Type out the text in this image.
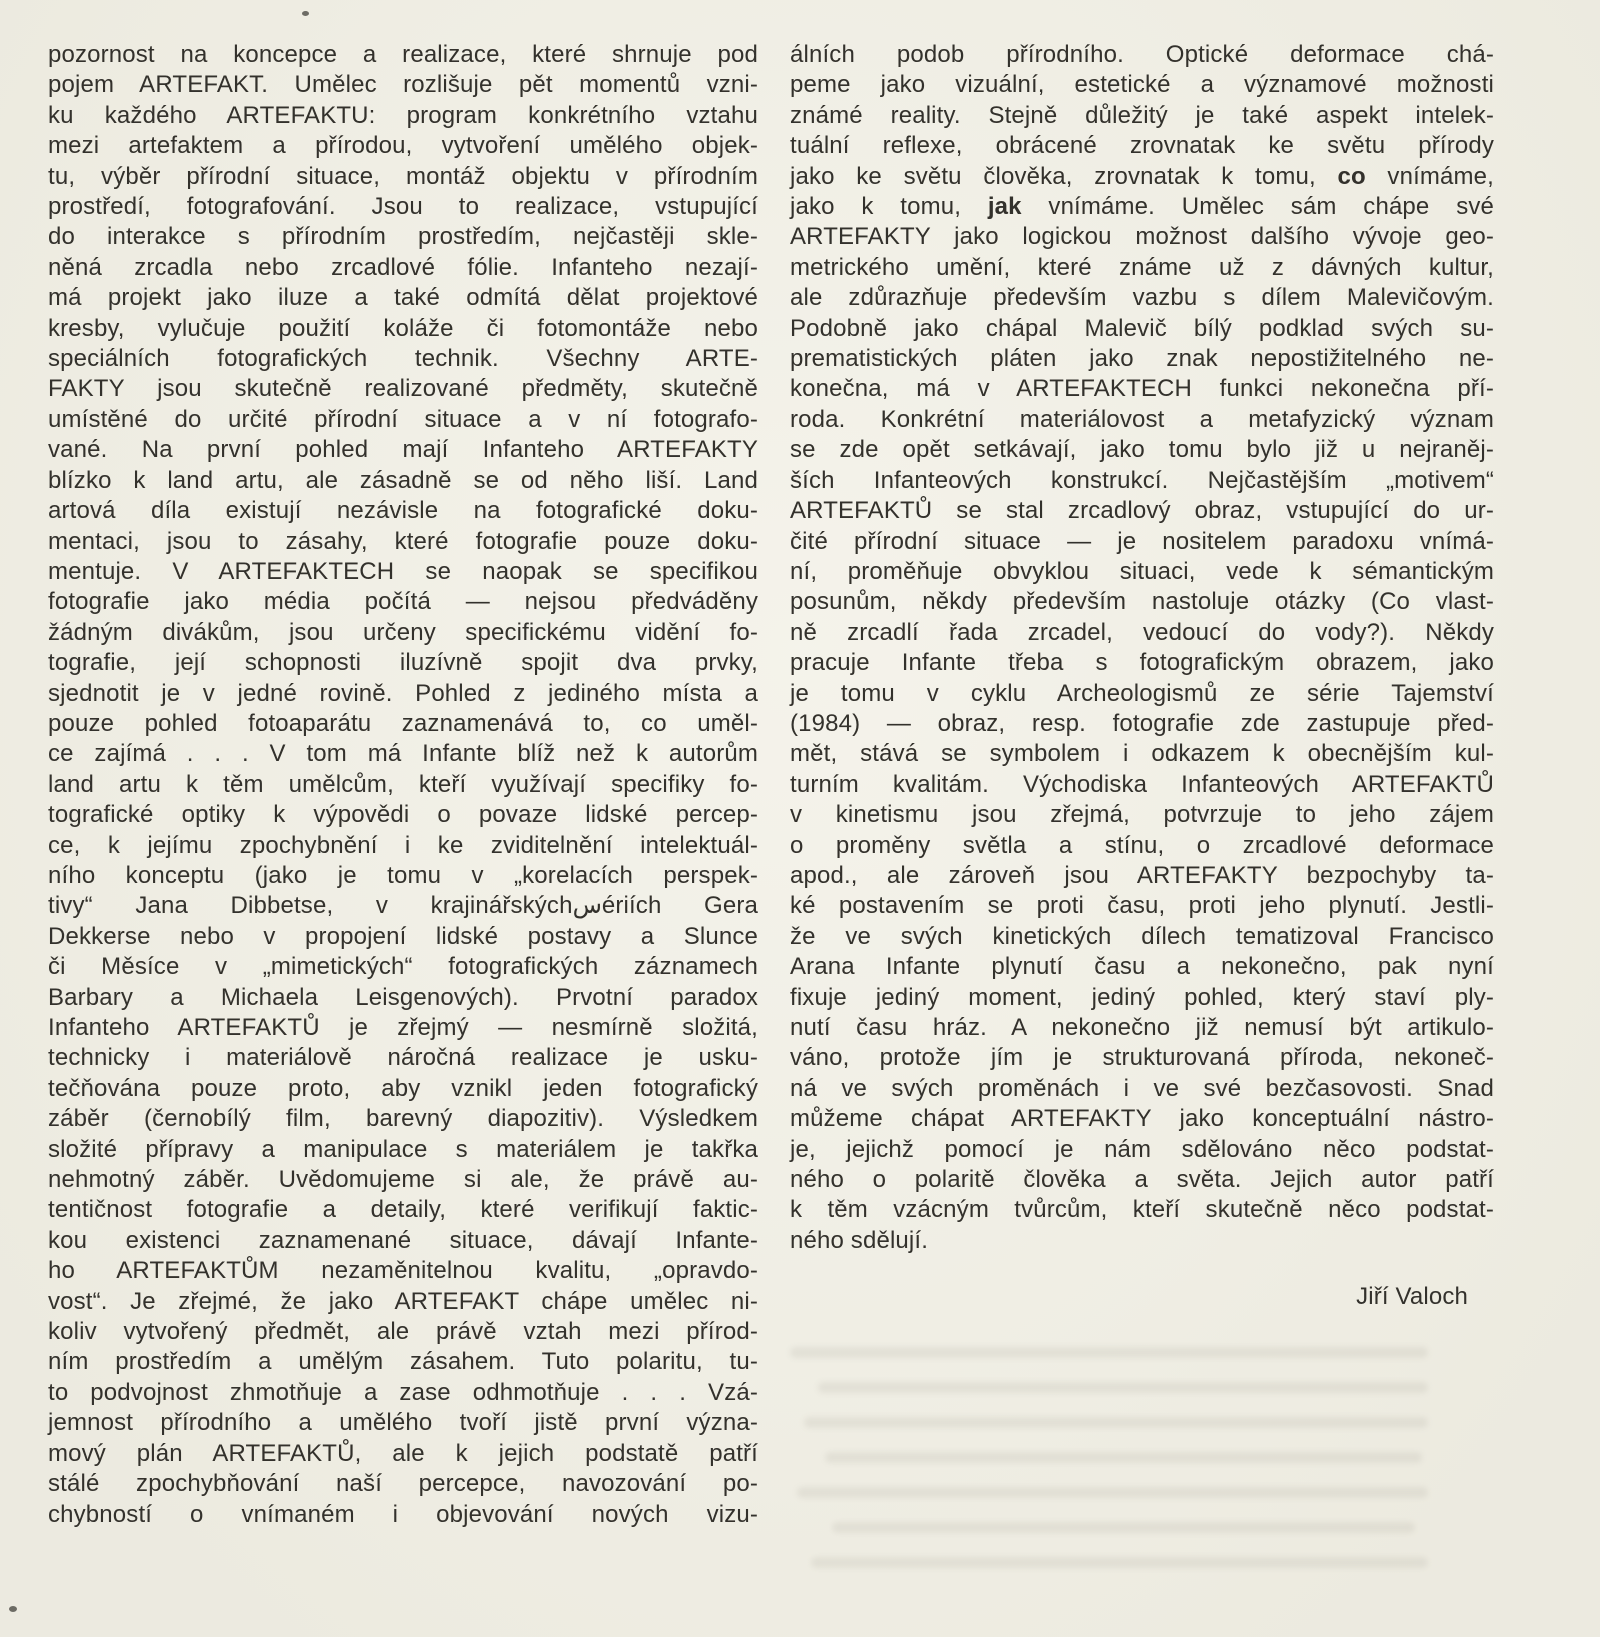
pozornost na koncepce a realizace, které shrnuje pod
pojem ARTEFAKT. Umělec rozlišuje pět momentů vzni-
ku každého ARTEFAKTU: program konkrétního vztahu
mezi artefaktem a přírodou, vytvoření umělého objek-
tu, výběr přírodní situace, montáž objektu v přírodním
prostředí, fotografování. Jsou to realizace, vstupující
do interakce s přírodním prostředím, nejčastěji skle-
něná zrcadla nebo zrcadlové fólie. Infanteho nezají-
má projekt jako iluze a také odmítá dělat projektové
kresby, vylučuje použití koláže či fotomontáže nebo
speciálních fotografických technik. Všechny ARTE-
FAKTY jsou skutečně realizované předměty, skutečně
umístěné do určité přírodní situace a v ní fotografo-
vané. Na první pohled mají Infanteho ARTEFAKTY
blízko k land artu, ale zásadně se od něho liší. Land
artová díla existují nezávisle na fotografické doku-
mentaci, jsou to zásahy, které fotografie pouze doku-
mentuje. V ARTEFAKTECH se naopak se specifikou
fotografie jako média počítá — nejsou předváděny
žádným divákům, jsou určeny specifickému vidění fo-
tografie, její schopnosti iluzívně spojit dva prvky,
sjednotit je v jedné rovině. Pohled z jediného místa a
pouze pohled fotoaparátu zaznamenává to, co uměl-
ce zajímá . . . V tom má Infante blíž než k autorům
land artu k těm umělcům, kteří využívají specifiky fo-
tografické optiky k výpovědi o povaze lidské percep-
ce, k jejímu zpochybnění i ke zviditelnění intelektuál-
ního konceptu (jako je tomu v „korelacích perspek-
tivy“ Jana Dibbetse, v krajinářskýchسériích Gera
Dekkerse nebo v propojení lidské postavy a Slunce
či Měsíce v „mimetických“ fotografických záznamech
Barbary a Michaela Leisgenových). Prvotní paradox
Infanteho ARTEFAKTŮ je zřejmý — nesmírně složitá,
technicky i materiálově náročná realizace je usku-
tečňována pouze proto, aby vznikl jeden fotografický
záběr (černobílý film, barevný diapozitiv). Výsledkem
složité přípravy a manipulace s materiálem je takřka
nehmotný záběr. Uvědomujeme si ale, že právě au-
tentičnost fotografie a detaily, které verifikují faktic-
kou existenci zaznamenané situace, dávají Infante-
ho ARTEFAKTŮM nezaměnitelnou kvalitu, „opravdo-
vost“. Je zřejmé, že jako ARTEFAKT chápe umělec ni-
koliv vytvořený předmět, ale právě vztah mezi přírod-
ním prostředím a umělým zásahem. Tuto polaritu, tu-
to podvojnost zhmotňuje a zase odhmotňuje . . . Vzá-
jemnost přírodního a umělého tvoří jistě první význa-
mový plán ARTEFAKTŮ, ale k jejich podstatě patří
stálé zpochybňování naší percepce, navozování po-
chybností o vnímaném i objevování nových vizu-
álních podob přírodního. Optické deformace chá-
peme jako vizuální, estetické a významové možnosti
známé reality. Stejně důležitý je také aspekt intelek-
tuální reflexe, obrácené zrovnatak ke světu přírody
jako ke světu člověka, zrovnatak k tomu, co vnímáme,
jako k tomu, jak vnímáme. Umělec sám chápe své
ARTEFAKTY jako logickou možnost dalšího vývoje geo-
metrického umění, které známe už z dávných kultur,
ale zdůrazňuje především vazbu s dílem Malevičovým.
Podobně jako chápal Malevič bílý podklad svých su-
prematistických pláten jako znak nepostižitelného ne-
konečna, má v ARTEFAKTECH funkci nekonečna pří-
roda. Konkrétní materiálovost a metafyzický význam
se zde opět setkávají, jako tomu bylo již u nejraněj-
ších Infanteových konstrukcí. Nejčastějším „motivem“
ARTEFAKTŮ se stal zrcadlový obraz, vstupující do ur-
čité přírodní situace — je nositelem paradoxu vnímá-
ní, proměňuje obvyklou situaci, vede k sémantickým
posunům, někdy především nastoluje otázky (Co vlast-
ně zrcadlí řada zrcadel, vedoucí do vody?). Někdy
pracuje Infante třeba s fotografickým obrazem, jako
je tomu v cyklu Archeologismů ze série Tajemství
(1984) — obraz, resp. fotografie zde zastupuje před-
mět, stává se symbolem i odkazem k obecnějším kul-
turním kvalitám. Východiska Infanteových ARTEFAKTŮ
v kinetismu jsou zřejmá, potvrzuje to jeho zájem
o proměny světla a stínu, o zrcadlové deformace
apod., ale zároveň jsou ARTEFAKTY bezpochyby ta-
ké postavením se proti času, proti jeho plynutí. Jestli-
že ve svých kinetických dílech tematizoval Francisco
Arana Infante plynutí času a nekonečno, pak nyní
fixuje jediný moment, jediný pohled, který staví ply-
nutí času hráz. A nekonečno již nemusí být artikulo-
váno, protože jím je strukturovaná příroda, nekoneč-
ná ve svých proměnách i ve své bezčasovosti. Snad
můžeme chápat ARTEFAKTY jako konceptuální nástro-
je, jejichž pomocí je nám sdělováno něco podstat-
ného o polaritě člověka a světa. Jejich autor patří
k těm vzácným tvůrcům, kteří skutečně něco podstat-
ného sdělují.
Jiří Valoch
